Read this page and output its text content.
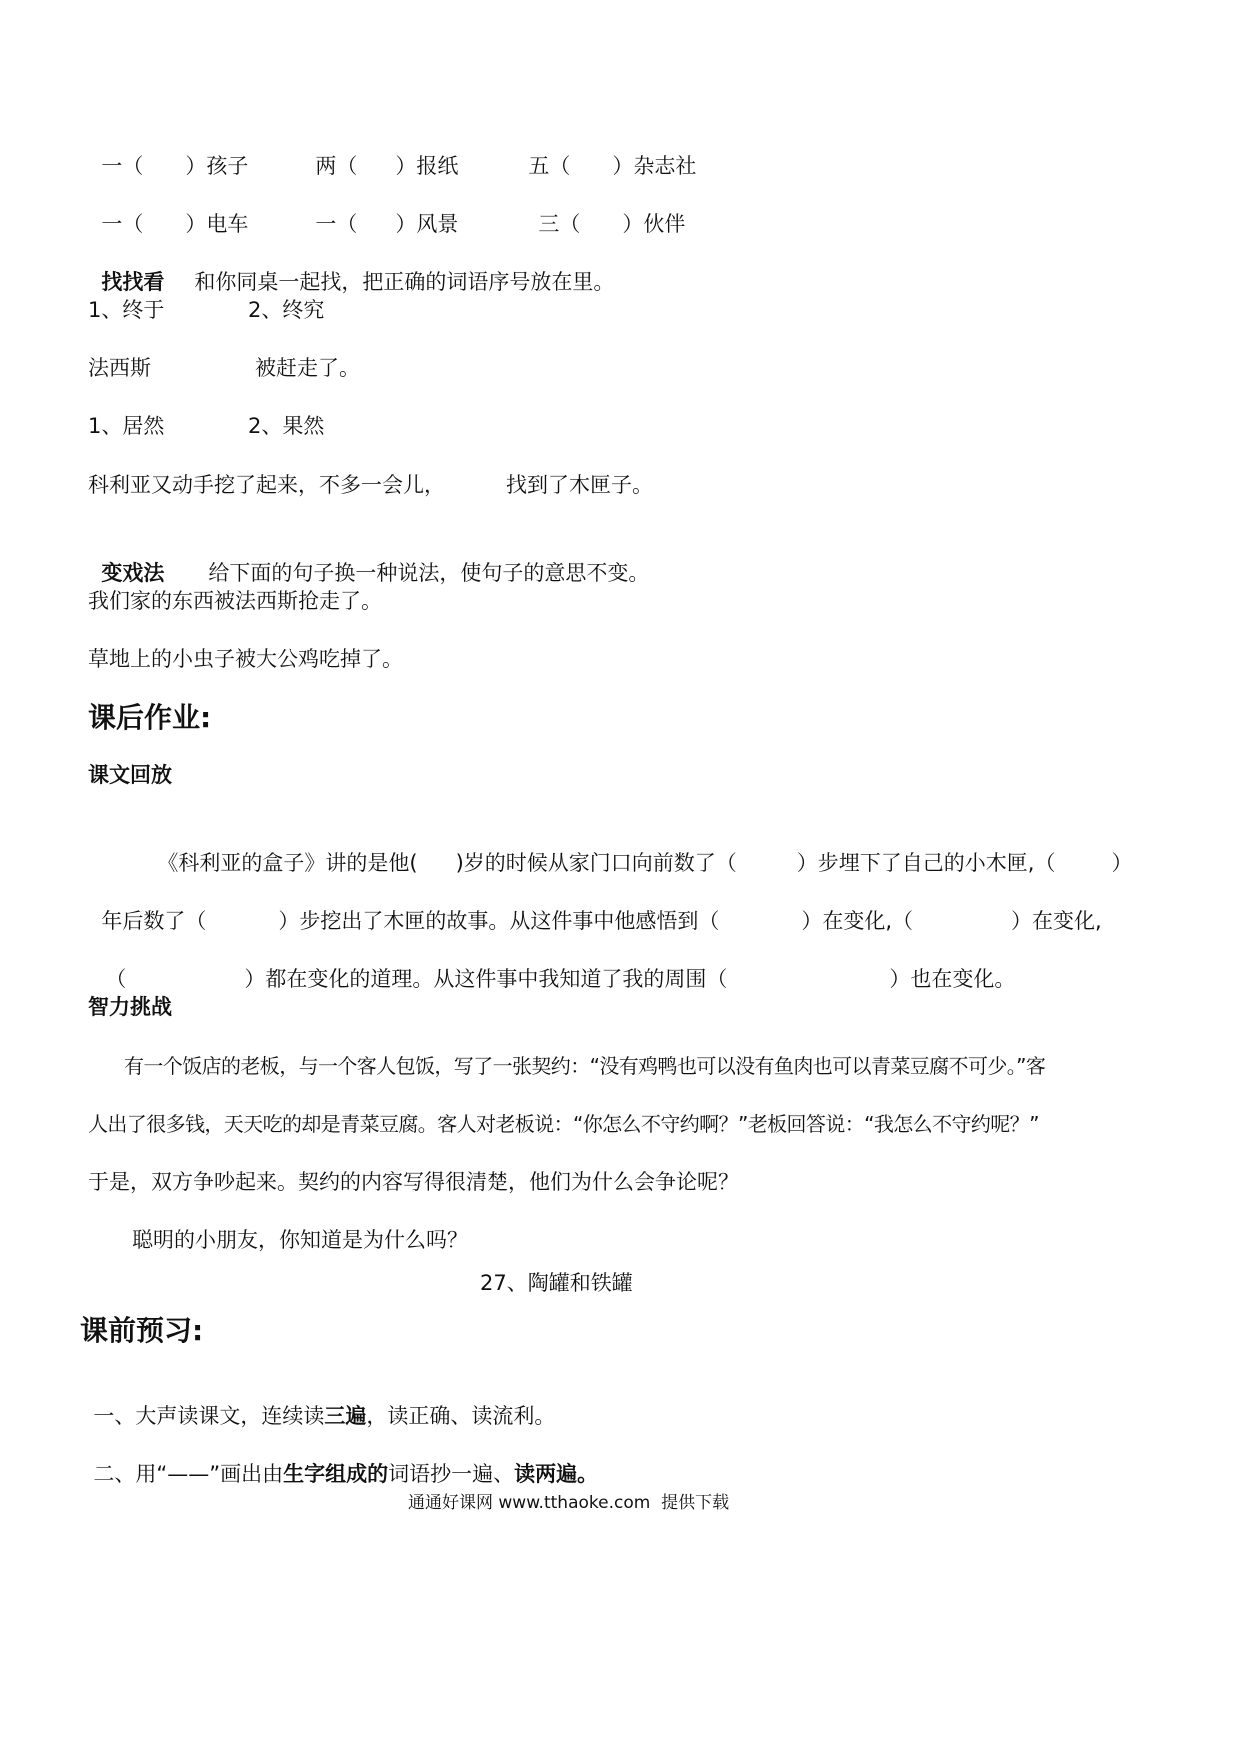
一（ ）孩子	两（ ）报纸	五（ ）杂志社

一（ ）电车	一（ ）风景	三（ ）伙伴

找找看 和你同桌一起找，把正确的词语序号放在里。

1、终于	2、终究
法西斯	被赶走了。
1、居然	2、果然
科利亚又动手挖了起来，不多一会儿，	找到了木匣子。

变戏法 给下面的句子换一种说法，使句子的意思不变。

我们家的东西被法西斯抢走了。
草地上的小虫子被大公鸡吃掉了。
课后作业:
课文回放

《科利亚的盒子》讲的是他( )岁的时候从家门口向前数了（	）步埋下了自己的小木匣,（	）

年后数了（	）步挖出了木匣的故事。从这件事中他感悟到（	）在变化,（	）在变化,

（	）都在变化的道理。从这件事中我知道了我的周围（	）也在变化。

智力挑战
有一个饭店的老板，与一个客人包饭，写了一张契约：“没有鸡鸭也可以没有鱼肉也可以青菜豆腐不可少。”客
人出了很多钱，天天吃的却是青菜豆腐。客人对老板说：“你怎么不守约啊？”老板回答说：“我怎么不守约呢？”
于是，双方争吵起来。契约的内容写得很清楚，他们为什么会争论呢？
聪明的小朋友，你知道是为什么吗？
27、陶罐和铁罐
课前预习:

一、大声读课文，连续读三遍，读正确、读流利。

二、用“——”画出由生字组成的词语抄一遍、读两遍。

通通好课网 www.tthaoke.com  提供下载
